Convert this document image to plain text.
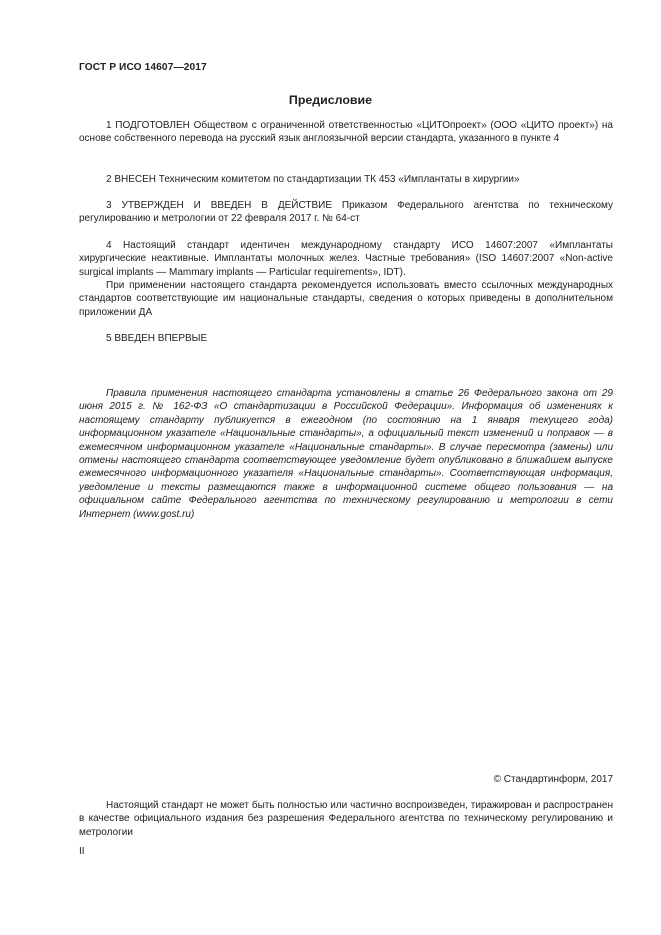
ГОСТ Р ИСО 14607—2017
Предисловие

1 ПОДГОТОВЛЕН Обществом с ограниченной ответственностью «ЦИТОпроект» (ООО «ЦИТО проект») на основе собственного перевода на русский язык англоязычной версии стандарта, указанного в пункте 4

2 ВНЕСЕН Техническим комитетом по стандартизации ТК 453 «Имплантаты в хирургии»

3 УТВЕРЖДЕН И ВВЕДЕН В ДЕЙСТВИЕ Приказом Федерального агентства по техническому регулированию и метрологии от 22 февраля 2017 г. № 64-ст

4 Настоящий стандарт идентичен международному стандарту ИСО 14607:2007 «Имплантаты хирургические неактивные. Имплантаты молочных желез. Частные требования» (ISO 14607:2007 «Non-active surgical implants — Mammary implants — Particular requirements», IDT).

При применении настоящего стандарта рекомендуется использовать вместо ссылочных международных стандартов соответствующие им национальные стандарты, сведения о которых приведены в дополнительном приложении ДА

5 ВВЕДЕН ВПЕРВЫЕ

Правила применения настоящего стандарта установлены в статье 26 Федерального закона от 29 июня 2015 г. № 162-ФЗ «О стандартизации в Российской Федерации». Информация об изменениях к настоящему стандарту публикуется в ежегодном (по состоянию на 1 января текущего года) информационном указателе «Национальные стандарты», а официальный текст изменений и поправок — в ежемесячном информационном указателе «Национальные стандарты». В случае пересмотра (замены) или отмены настоящего стандарта соответствующее уведомление будет опубликовано в ближайшем выпуске ежемесячного информационного указателя «Национальные стандарты». Соответствующая информация, уведомление и тексты размещаются также в информационной системе общего пользования — на официальном сайте Федерального агентства по техническому регулированию и метрологии в сети Интернет (www.gost.ru)

© Стандартинформ, 2017

Настоящий стандарт не может быть полностью или частично воспроизведен, тиражирован и распространен в качестве официального издания без разрешения Федерального агентства по техническому регулированию и метрологии

II
